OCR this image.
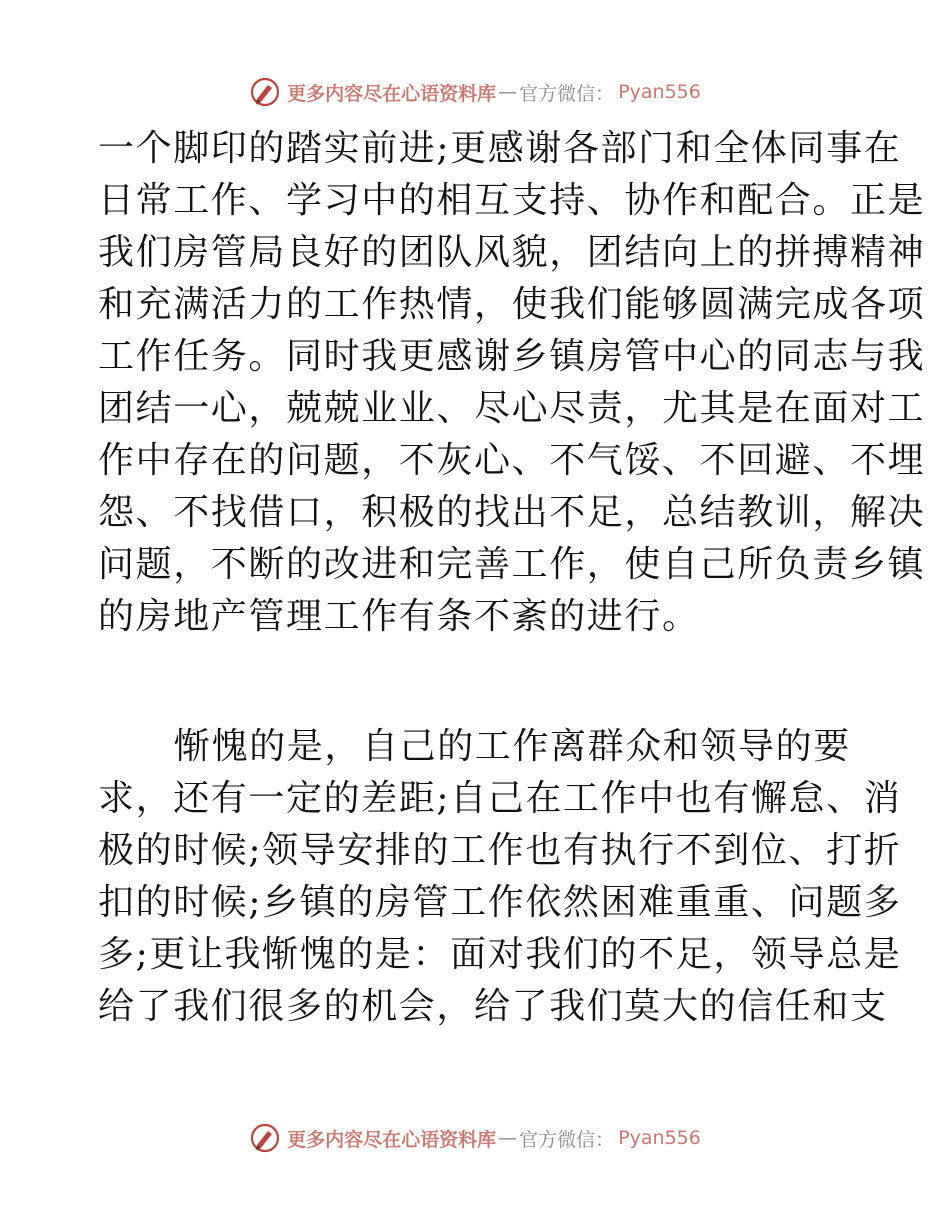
更多内容尽在心语资料库 — 官方微信： Pyan556
一个脚印的踏实前进;更感谢各部门和全体同事在
日常工作、学习中的相互支持、协作和配合。正是
我们房管局良好的团队风貌，团结向上的拼搏精神
和充满活力的工作热情，使我们能够圆满完成各项
工作任务。同时我更感谢乡镇房管中心的同志与我
团结一心，兢兢业业、尽心尽责，尤其是在面对工
作中存在的问题，不灰心、不气馁、不回避、不埋
怨、不找借口，积极的找出不足，总结教训，解决
问题，不断的改进和完善工作，使自己所负责乡镇
的房地产管理工作有条不紊的进行。
惭愧的是，自己的工作离群众和领导的要
求，还有一定的差距;自己在工作中也有懈怠、消
极的时候;领导安排的工作也有执行不到位、打折
扣的时候;乡镇的房管工作依然困难重重、问题多
多;更让我惭愧的是：面对我们的不足，领导总是
给了我们很多的机会，给了我们莫大的信任和支
更多内容尽在心语资料库 — 官方微信： Pyan556
